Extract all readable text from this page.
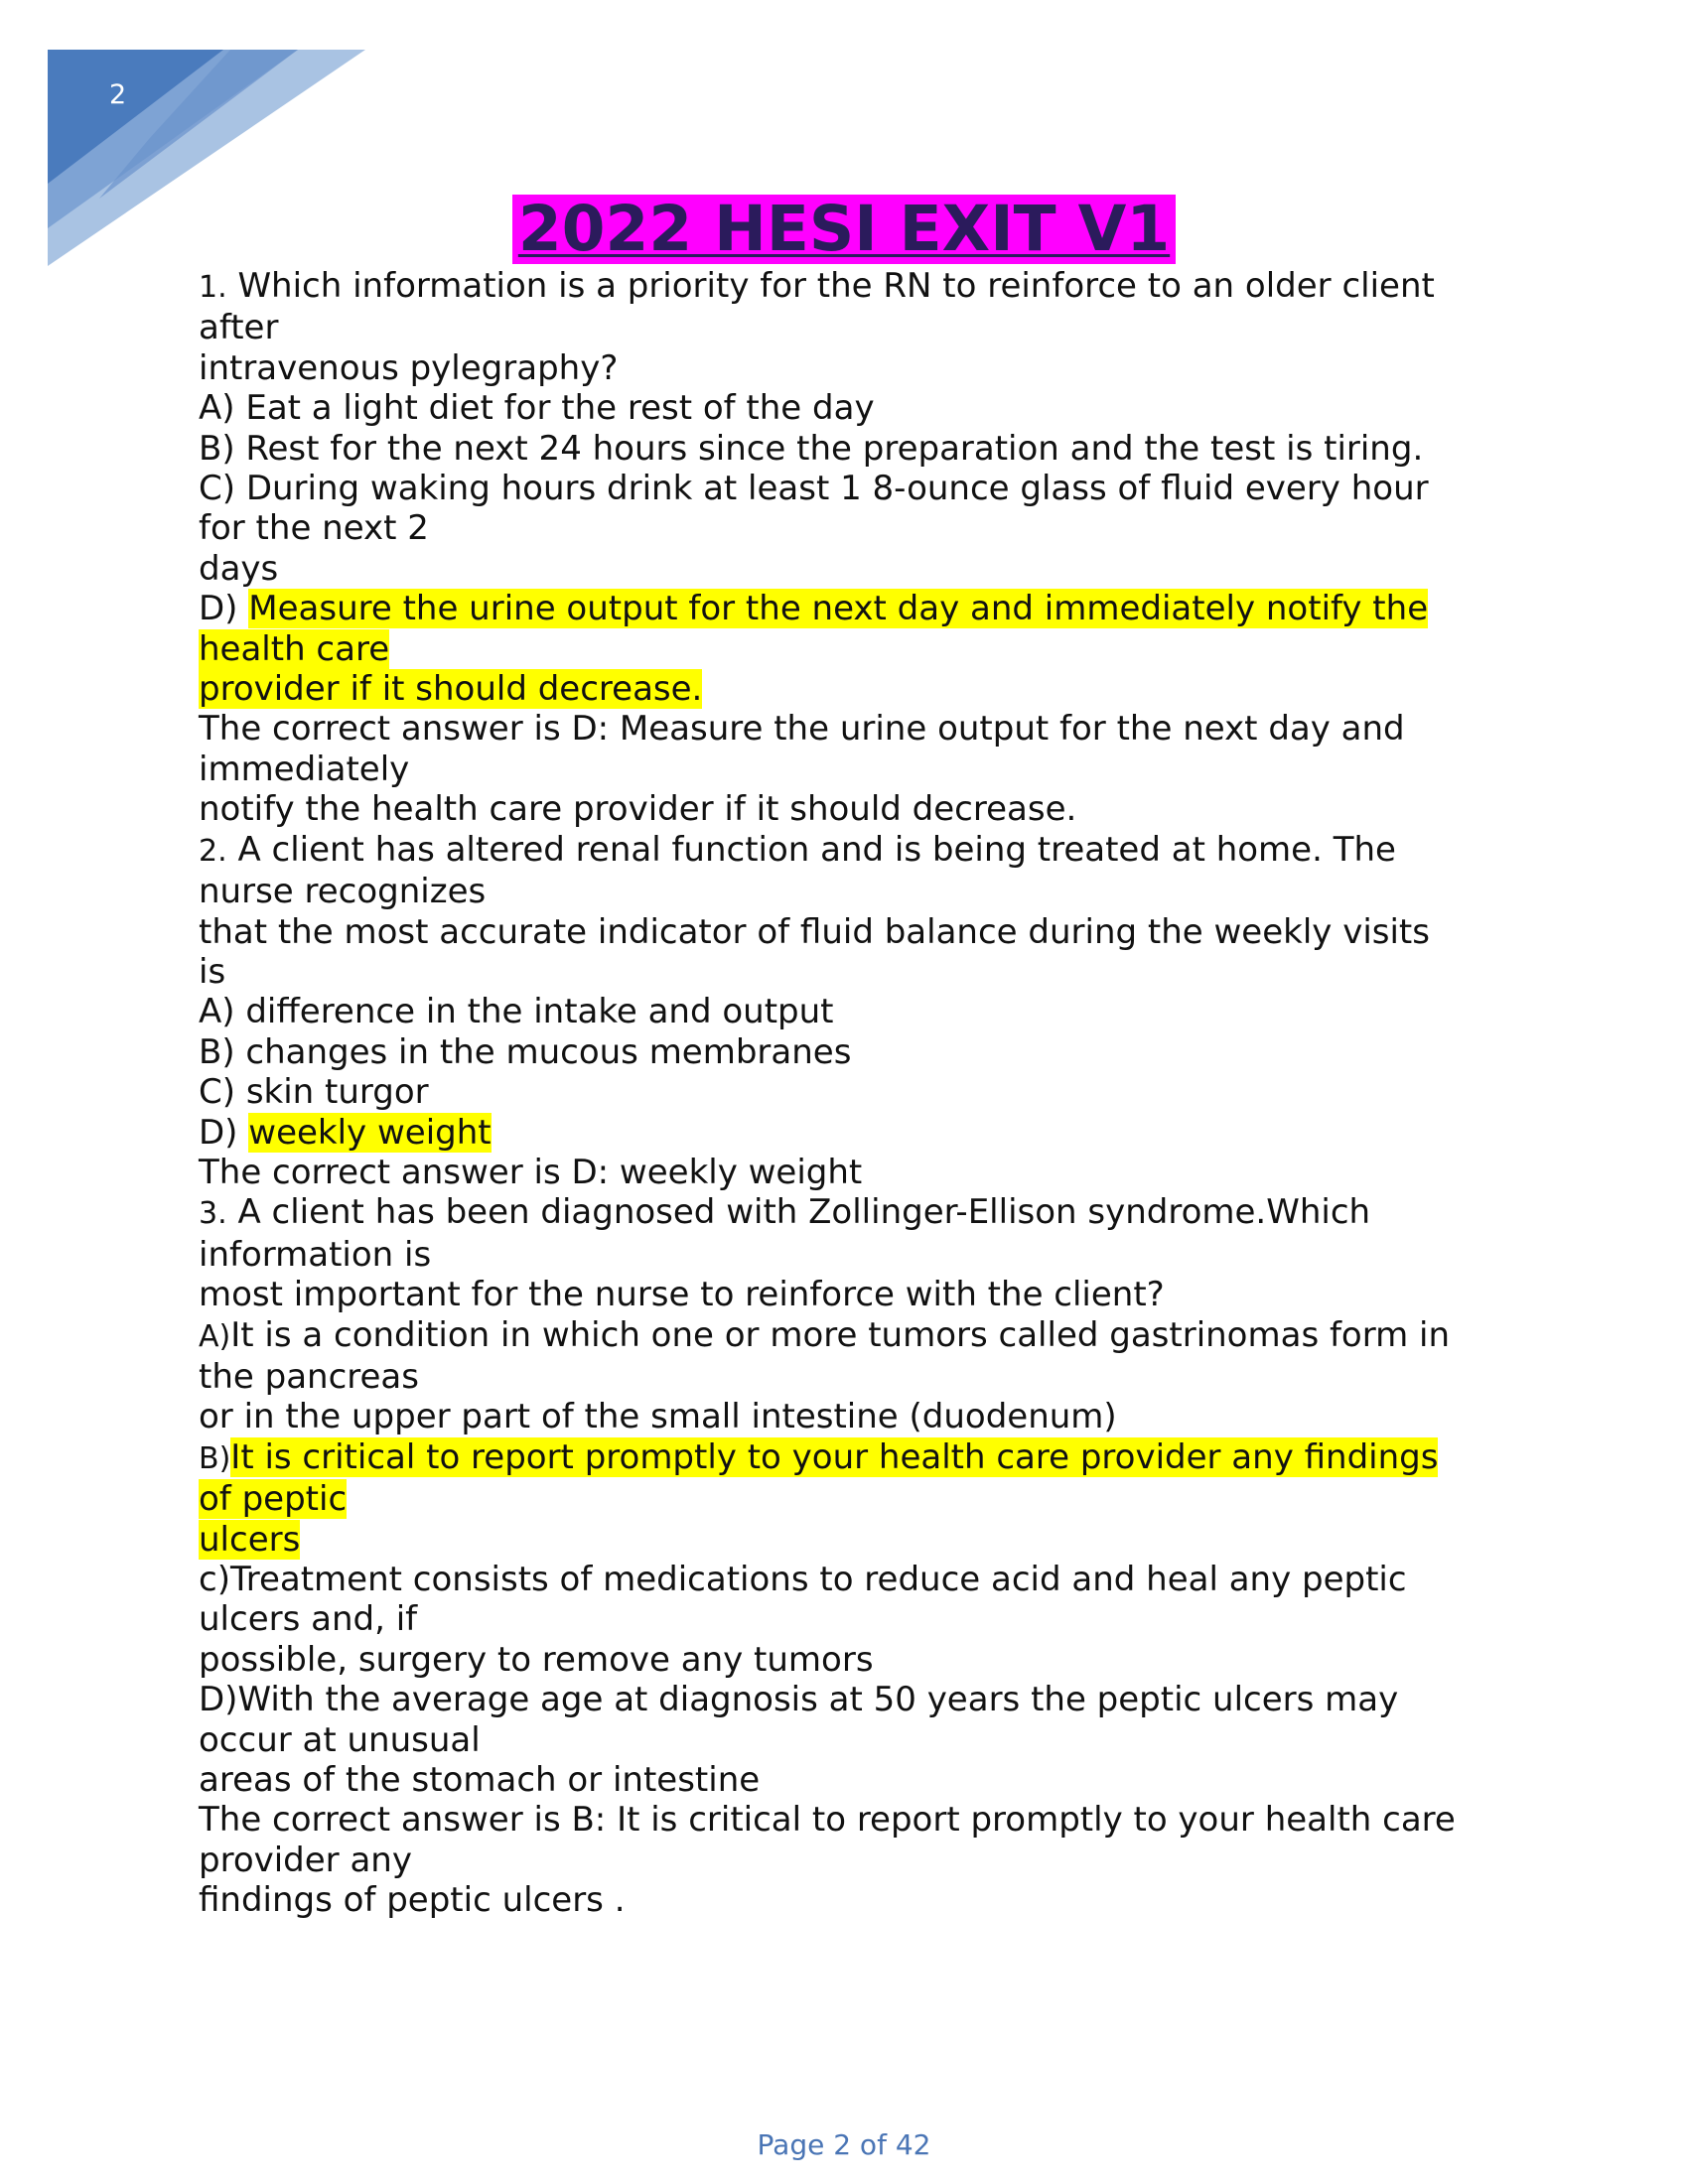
2
2022 HESI EXIT V1
1. Which information is a priority for the RN to reinforce to an older client
after
intravenous pylegraphy?
A) Eat a light diet for the rest of the day
B) Rest for the next 24 hours since the preparation and the test is tiring.
C) During waking hours drink at least 1 8-ounce glass of fluid every hour
for the next 2
days
D) Measure the urine output for the next day and immediately notify the
health care
provider if it should decrease.
The correct answer is D: Measure the urine output for the next day and
immediately
notify the health care provider if it should decrease.
2. A client has altered renal function and is being treated at home. The
nurse recognizes
that the most accurate indicator of fluid balance during the weekly visits
is
A) difference in the intake and output
B) changes in the mucous membranes
C) skin turgor
D) weekly weight
The correct answer is D: weekly weight
3. A client has been diagnosed with Zollinger-Ellison syndrome.Which
information is
most important for the nurse to reinforce with the client?
A)It is a condition in which one or more tumors called gastrinomas form in
the pancreas
or in the upper part of the small intestine (duodenum)
B)It is critical to report promptly to your health care provider any findings
of peptic
ulcers
c)Treatment consists of medications to reduce acid and heal any peptic
ulcers and, if
possible, surgery to remove any tumors
D)With the average age at diagnosis at 50 years the peptic ulcers may
occur at unusual
areas of the stomach or intestine
The correct answer is B: It is critical to report promptly to your health care
provider any
findings of peptic ulcers .
Page 2 of 42
